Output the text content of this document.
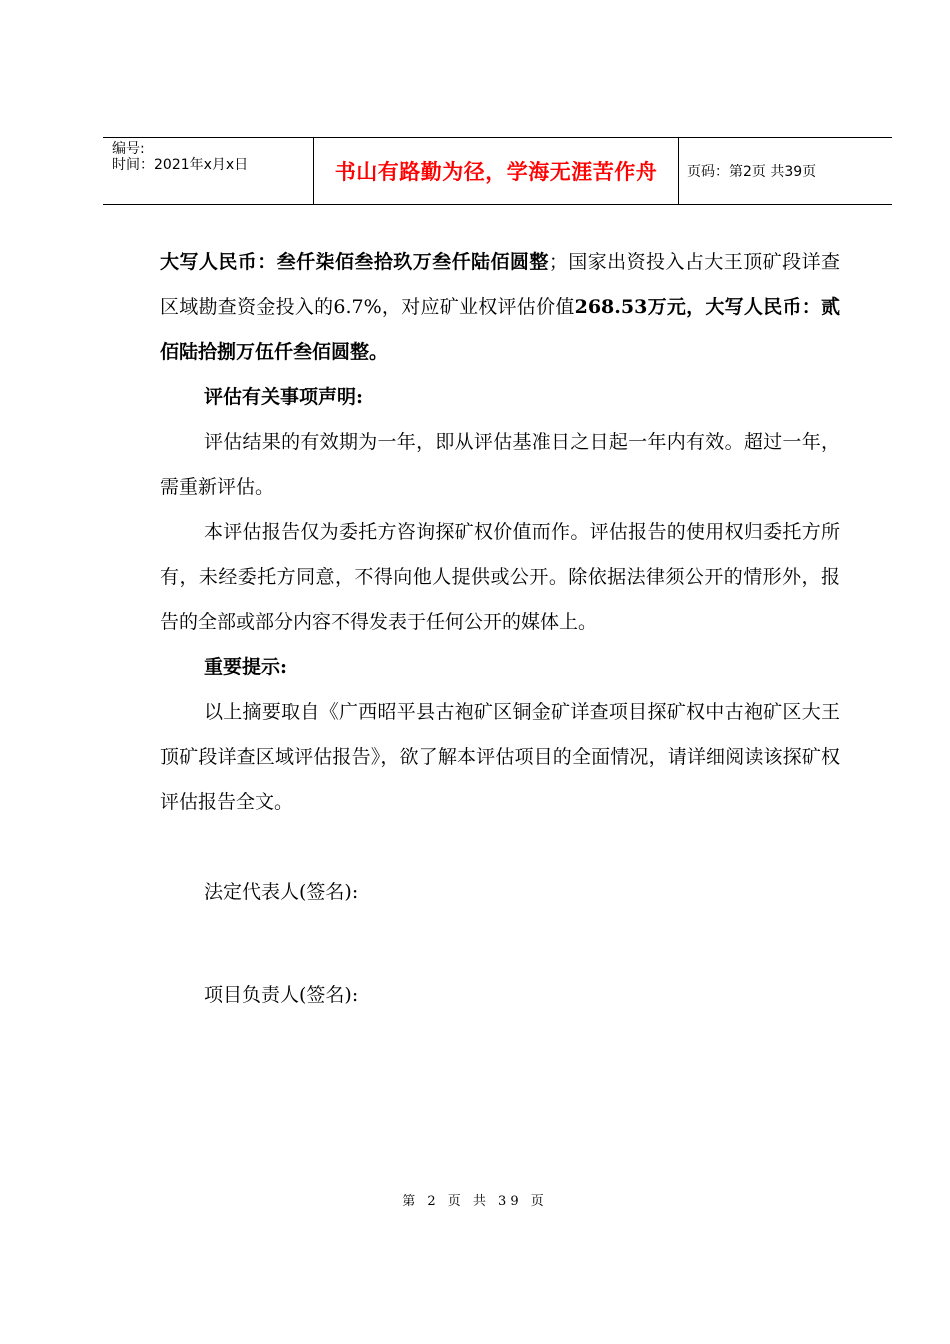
编号:
时间：2021年x月x日	书山有路勤为径，学海无涯苦作舟	页码：第2页 共39页

大写人民币：叁仟柒佰叁拾玖万叁仟陆佰圆整；国家出资投入占大王顶矿段详查区域勘查资金投入的6.7%，对应矿业权评估价值268.53万元，大写人民币：贰佰陆拾捌万伍仟叁佰圆整。

评估有关事项声明:

评估结果的有效期为一年，即从评估基准日之日起一年内有效。超过一年，需重新评估。

本评估报告仅为委托方咨询探矿权价值而作。评估报告的使用权归委托方所有，未经委托方同意，不得向他人提供或公开。除依据法律须公开的情形外，报告的全部或部分内容不得发表于任何公开的媒体上。

重要提示:

以上摘要取自《广西昭平县古袍矿区铜金矿详查项目探矿权中古袍矿区大王顶矿段详查区域评估报告》，欲了解本评估项目的全面情况，请详细阅读该探矿权评估报告全文。

法定代表人(签名):

项目负责人(签名):

第 2 页 共 39 页
